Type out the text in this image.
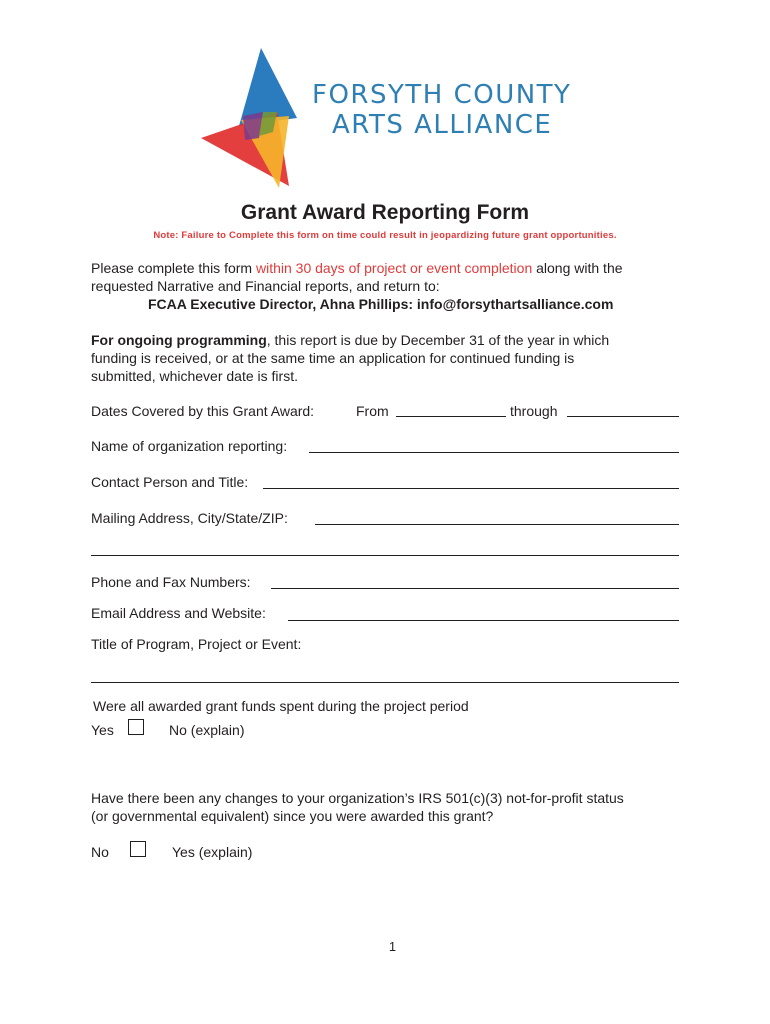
FORSYTH COUNTY
ARTS ALLIANCE
Grant Award Reporting Form
Note: Failure to Complete this form on time could result in jeopardizing future grant opportunities.
Please complete this form within 30 days of project or event completion along with the
requested Narrative and Financial reports, and return to:
FCAA Executive Director, Ahna Phillips: info@forsythartsalliance.com
For ongoing programming, this report is due by December 31 of the year in which
funding is received, or at the same time an application for continued funding is
submitted, whichever date is first.
Dates Covered by this Grant Award:	From	through
Name of organization reporting:
Contact Person and Title:
Mailing Address, City/State/ZIP:
Phone and Fax Numbers:
Email Address and Website:
Title of Program, Project or Event:
Were all awarded grant funds spent during the project period
Yes	No (explain)
Have there been any changes to your organization’s IRS 501(c)(3) not-for-profit status
(or governmental equivalent) since you were awarded this grant?
No	Yes (explain)
1
